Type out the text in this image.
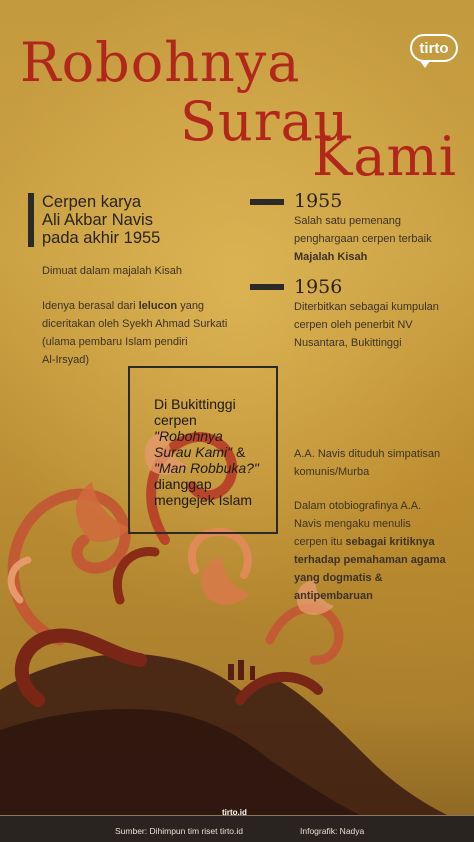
Robohnya
Surau
Kami
tirto
Cerpen karya
Ali Akbar Navis
pada akhir 1955
Dimuat dalam majalah Kisah
Idenya berasal dari lelucon yang
diceritakan oleh Syekh Ahmad Surkati
(ulama pembaru Islam pendiri
Al-Irsyad)
1955
Salah satu pemenang
penghargaan cerpen terbaik
Majalah Kisah
1956
Diterbitkan sebagai kumpulan
cerpen oleh penerbit NV
Nusantara, Bukittinggi
Di Bukittinggi
cerpen
"Robohnya
Surau Kami" &
"Man Robbuka?"
dianggap
mengejek Islam
A.A. Navis dituduh simpatisan
komunis/Murba
Dalam otobiografinya A.A.
Navis mengaku menulis
cerpen itu sebagai kritiknya
terhadap pemahaman agama
yang dogmatis &
antipembaruan
tirto.id
Sumber: Dihimpun tim riset tirto.id	Infografik: Nadya
